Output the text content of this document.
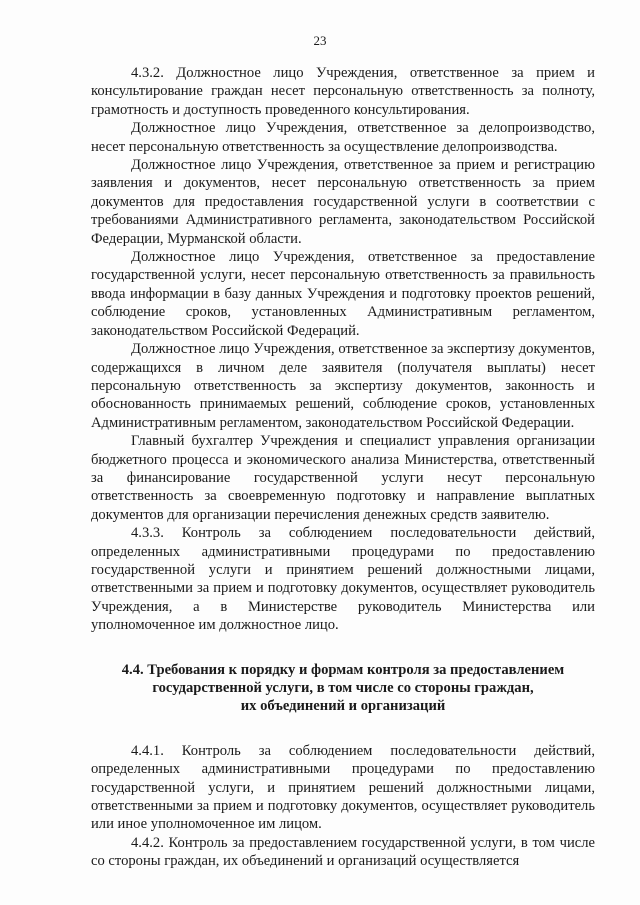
23

4.3.2. Должностное лицо Учреждения, ответственное за прием и консультирование граждан несет персональную ответственность за полноту, грамотность и доступность проведенного консультирования.

Должностное лицо Учреждения, ответственное за делопроизводство, несет персональную ответственность за осуществление делопроизводства.

Должностное лицо Учреждения, ответственное за прием и регистрацию заявления и документов, несет персональную ответственность за прием документов для предоставления государственной услуги в соответствии с требованиями Административного регламента, законодательством Российской Федерации, Мурманской области.

Должностное лицо Учреждения, ответственное за предоставление государственной услуги, несет персональную ответственность за правильность ввода информации в базу данных Учреждения и подготовку проектов решений, соблюдение сроков, установленных Административным регламентом, законодательством Российской Федераций.

Должностное лицо Учреждения, ответственное за экспертизу документов, содержащихся в личном деле заявителя (получателя выплаты) несет персональную ответственность за экспертизу документов, законность и обоснованность принимаемых решений, соблюдение сроков, установленных Административным регламентом, законодательством Российской Федерации.

Главный бухгалтер Учреждения и специалист управления организации бюджетного процесса и экономического анализа Министерства, ответственный за финансирование государственной услуги несут персональную ответственность за своевременную подготовку и направление выплатных документов для организации перечисления денежных средств заявителю.

4.3.3. Контроль за соблюдением последовательности действий, определенных административными процедурами по предоставлению государственной услуги и принятием решений должностными лицами, ответственными за прием и подготовку документов, осуществляет руководитель Учреждения, а в Министерстве руководитель Министерства или уполномоченное им должностное лицо.

4.4. Требования к порядку и формам контроля за предоставлением
государственной услуги, в том числе со стороны граждан,
их объединений и организаций

4.4.1. Контроль за соблюдением последовательности действий, определенных административными процедурами по предоставлению государственной услуги, и принятием решений должностными лицами, ответственными за прием и подготовку документов, осуществляет руководитель или иное уполномоченное им лицом.

4.4.2. Контроль за предоставлением государственной услуги, в том числе со стороны граждан, их объединений и организаций осуществляется
